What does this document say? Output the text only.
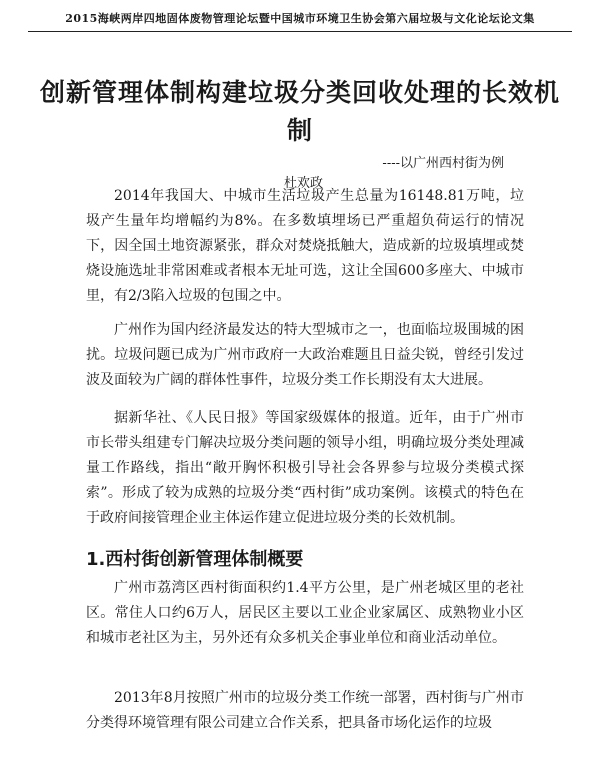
2015海峡两岸四地固体废物管理论坛暨中国城市环境卫生协会第六届垃圾与文化论坛论文集
创新管理体制构建垃圾分类回收处理的长效机制
----以广州西村街为例
杜欢政

2014年我国大、中城市生活垃圾产生总量为16148.81万吨，垃圾产生量年均增幅约为8%。在多数填埋场已严重超负荷运行的情况下，因全国土地资源紧张，群众对焚烧抵触大，造成新的垃圾填埋或焚烧设施选址非常困难或者根本无址可选，这让全国600多座大、中城市里，有2/3陷入垃圾的包围之中。

广州作为国内经济最发达的特大型城市之一，也面临垃圾围城的困扰。垃圾问题已成为广州市政府一大政治难题且日益尖锐，曾经引发过波及面较为广阔的群体性事件，垃圾分类工作长期没有太大进展。

据新华社、《人民日报》等国家级媒体的报道。近年，由于广州市市长带头组建专门解决垃圾分类问题的领导小组，明确垃圾分类处理减量工作路线，指出“敞开胸怀积极引导社会各界参与垃圾分类模式探索”。形成了较为成熟的垃圾分类“西村街”成功案例。该模式的特色在于政府间接管理企业主体运作建立促进垃圾分类的长效机制。

1.西村街创新管理体制概要

广州市荔湾区西村街面积约1.4平方公里，是广州老城区里的老社区。常住人口约6万人，居民区主要以工业企业家属区、成熟物业小区和城市老社区为主，另外还有众多机关企事业单位和商业活动单位。

2013年8月按照广州市的垃圾分类工作统一部署，西村街与广州市分类得环境管理有限公司建立合作关系，把具备市场化运作的垃圾
